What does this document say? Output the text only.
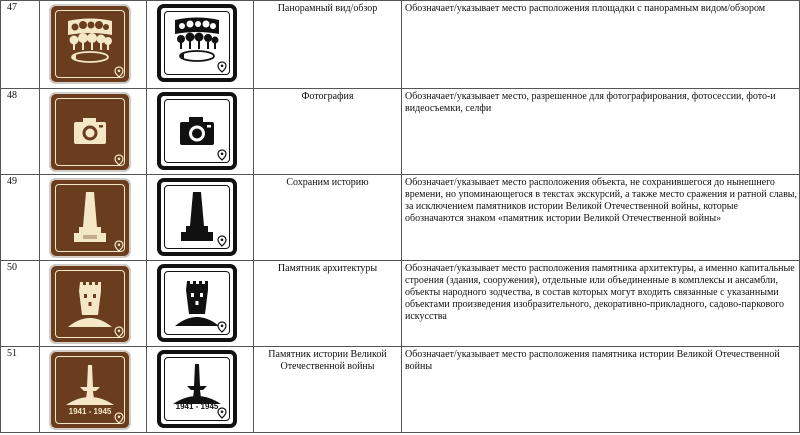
47			Панорамный вид/обзор	Обозначает/указывает место расположения площадки с панорамным видом/обзором
48			Фотография	Обозначает/указывает место, разрешенное для фотографирования, фотосессии, фото-и видеосъемки, селфи
49			Сохраним историю	Обозначает/указывает место расположения объекта, не сохранившегося до нынешнего времени, но упоминающегося в текстах экскурсий, а также место сражения и ратной славы, за исключением памятников истории Великой Отечественной войны, которые обозначаются знаком «памятник истории Великой Отечественной войны»
50			Памятник архитектуры	Обозначает/указывает место расположения памятника архитектуры, а именно капитальные строения (здания, сооружения), отдельные или объединенные в комплексы и ансамбли, объекты народного зодчества, в состав которых могут входить связанные с указанными объектами произведения изобразительного, декоративно-прикладного, садово-паркового искусства
51	1941 - 1945	1941 - 1945	Памятник истории Великой Отечественной войны	Обозначает/указывает место расположения памятника истории Великой Отечественной войны
